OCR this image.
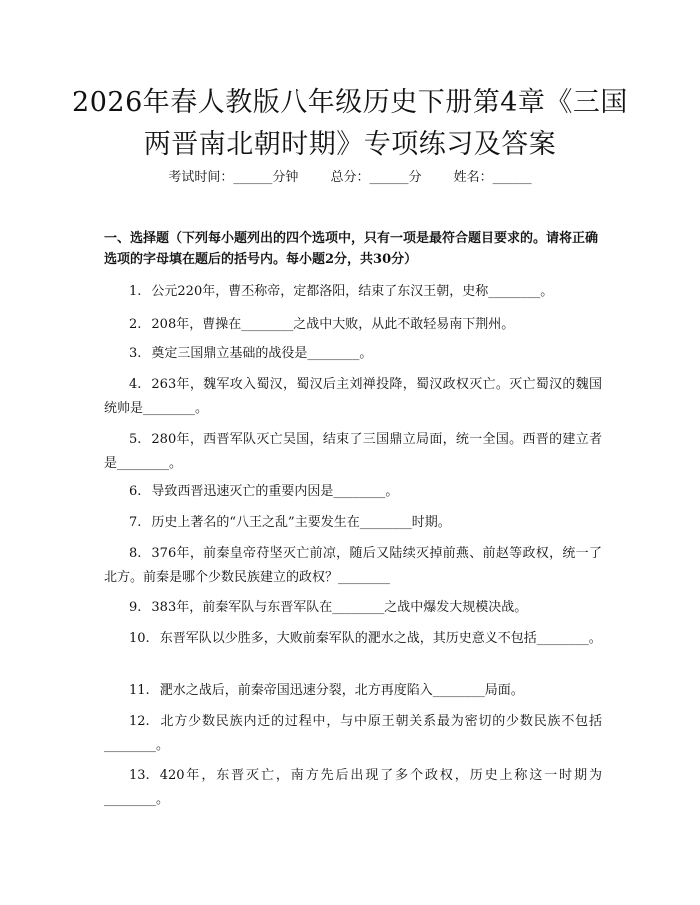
2026年春人教版八年级历史下册第4章《三国两晋南北朝时期》专项练习及答案
考试时间：______分钟 总分：______分 姓名：______
一、选择题（下列每小题列出的四个选项中，只有一项是最符合题目要求的。请将正确选项的字母填在题后的括号内。每小题2分，共30分）
1. 公元220年，曹丕称帝，定都洛阳，结束了东汉王朝，史称________。
2. 208年，曹操在________之战中大败，从此不敢轻易南下荆州。
3. 奠定三国鼎立基础的战役是________。
4. 263年，魏军攻入蜀汉，蜀汉后主刘禅投降，蜀汉政权灭亡。灭亡蜀汉的魏国统帅是________。
5. 280年，西晋军队灭亡吴国，结束了三国鼎立局面，统一全国。西晋的建立者是________。
6. 导致西晋迅速灭亡的重要内因是________。
7. 历史上著名的“八王之乱”主要发生在________时期。
8. 376年，前秦皇帝苻坚灭亡前凉，随后又陆续灭掉前燕、前赵等政权，统一了北方。前秦是哪个少数民族建立的政权？________
9. 383年，前秦军队与东晋军队在________之战中爆发大规模决战。
10. 东晋军队以少胜多，大败前秦军队的淝水之战，其历史意义不包括________。
11. 淝水之战后，前秦帝国迅速分裂，北方再度陷入________局面。
12. 北方少数民族内迁的过程中，与中原王朝关系最为密切的少数民族不包括________。
13. 420年，东晋灭亡，南方先后出现了多个政权，历史上称这一时期为________。
